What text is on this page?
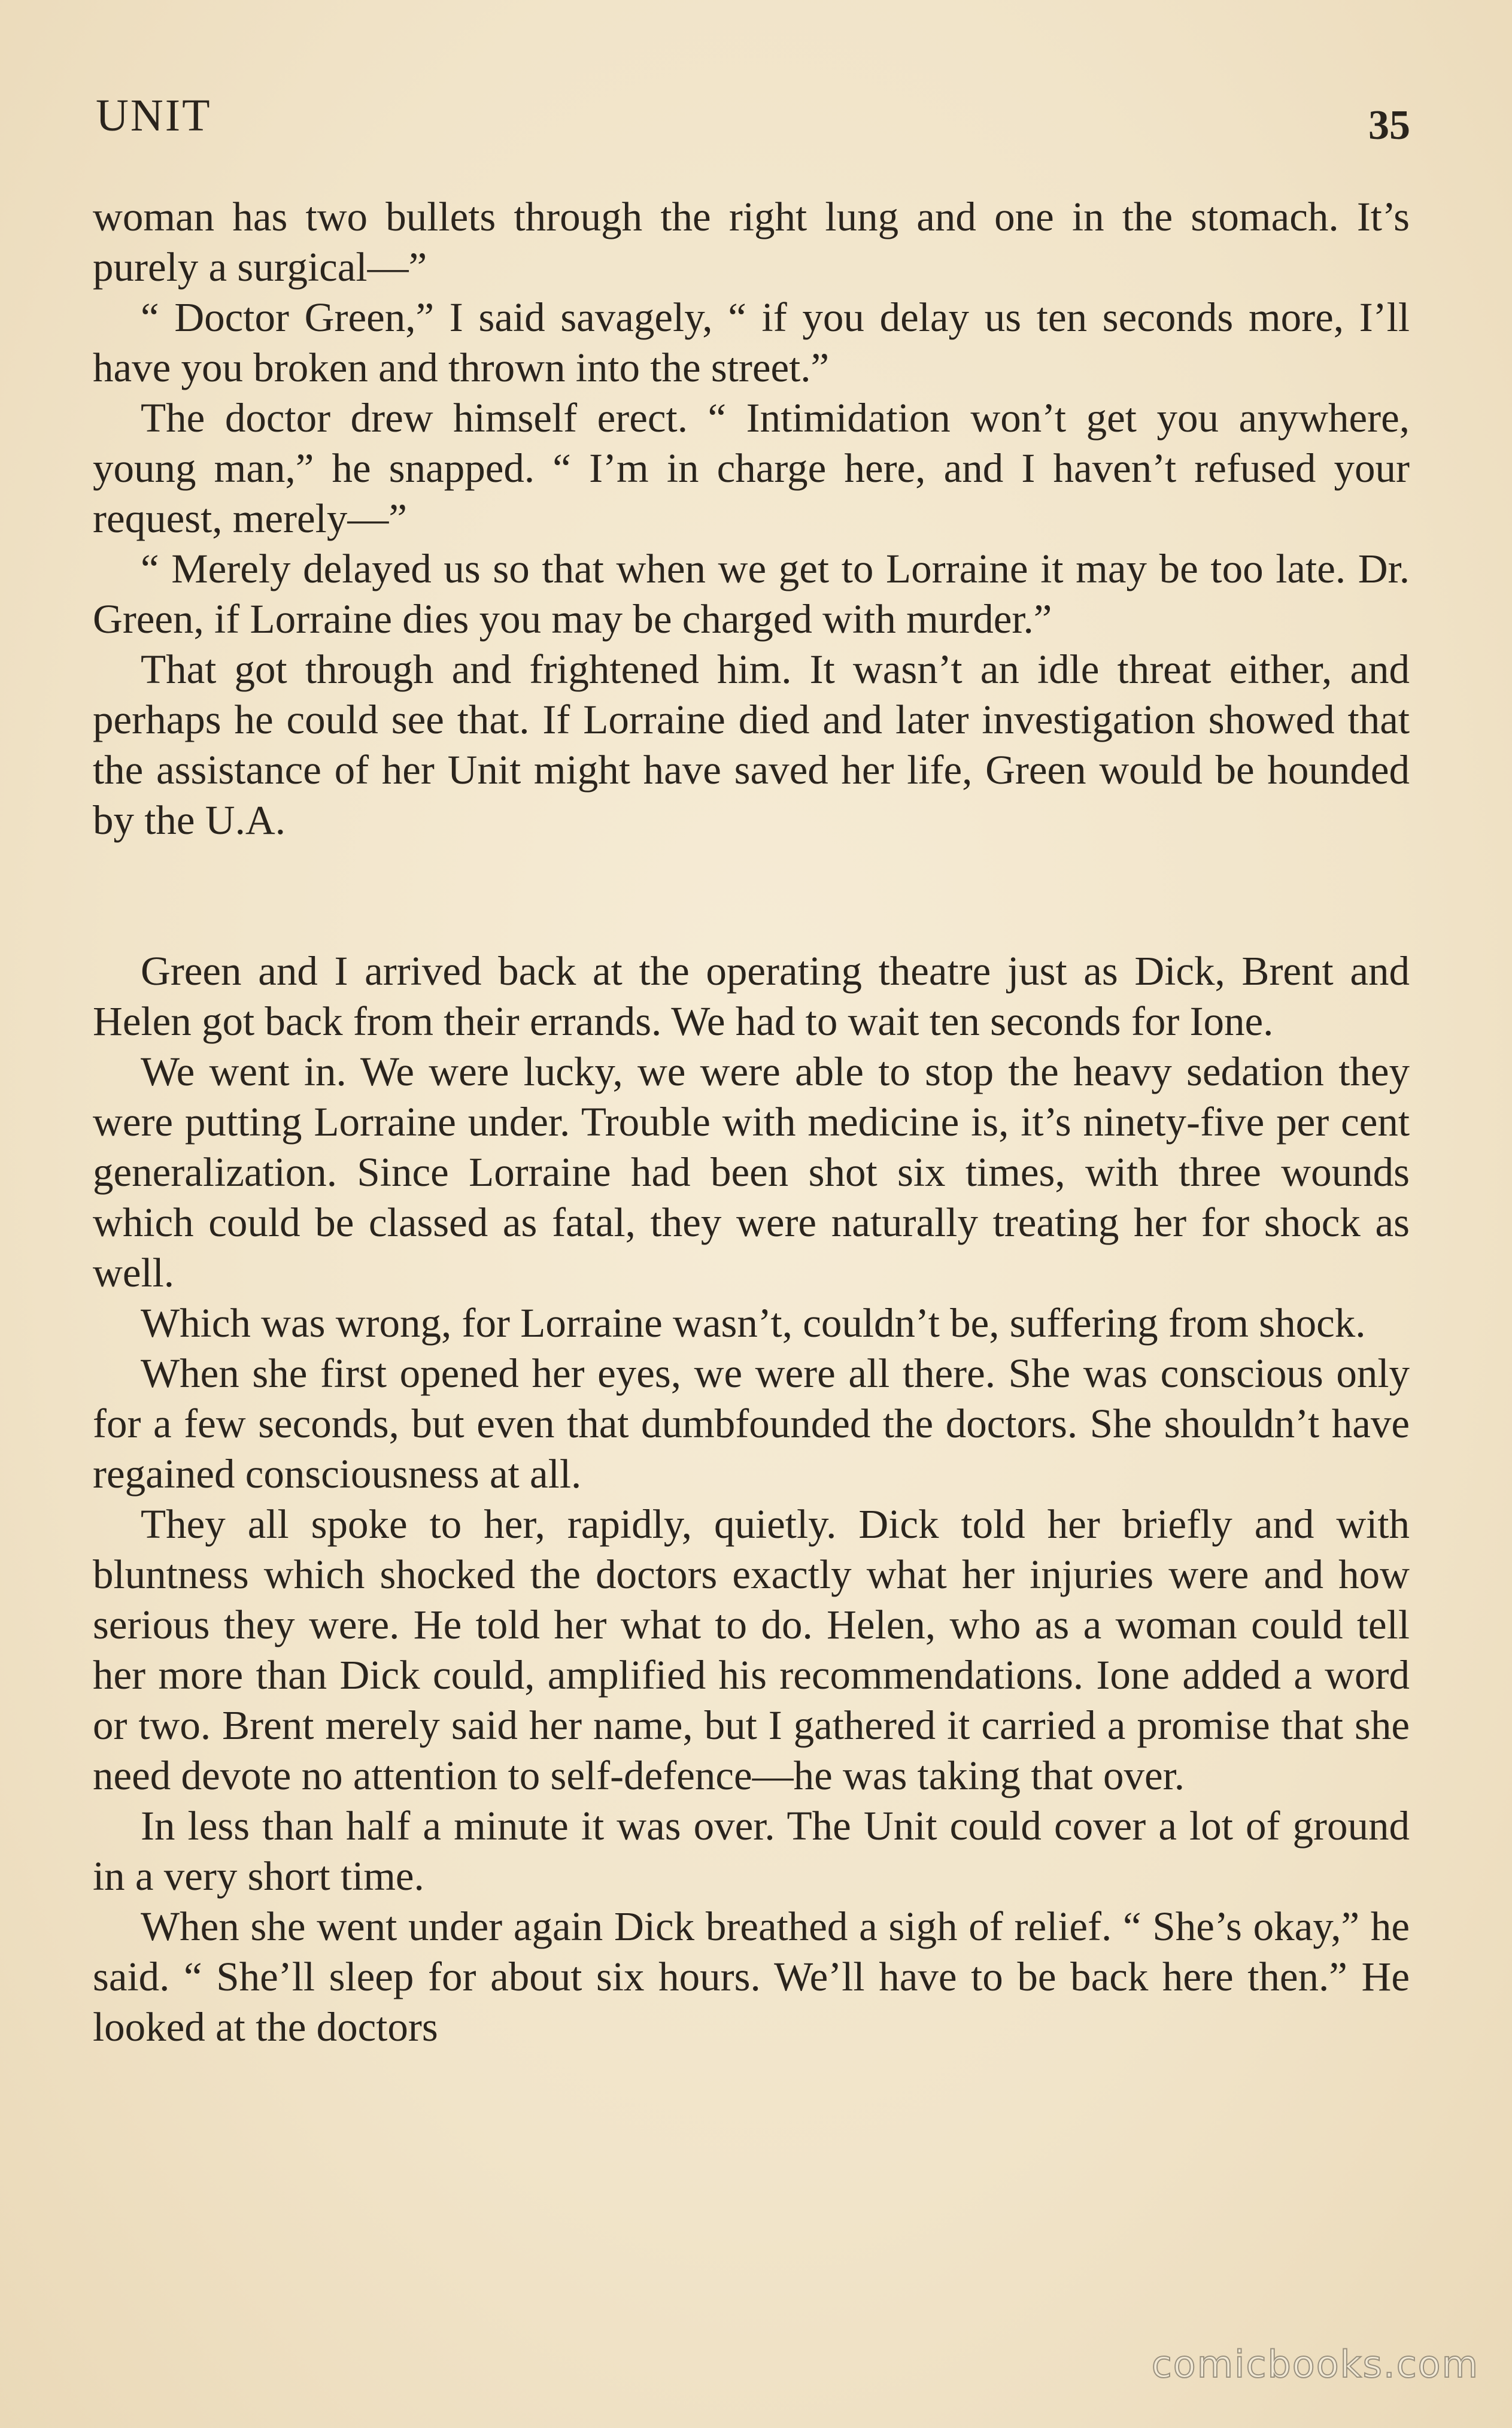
UNIT	35

woman has two bullets through the right lung and one in the stomach. It’s purely a surgical—”

“ Doctor Green,” I said savagely, “ if you delay us ten seconds more, I’ll have you broken and thrown into the street.”

The doctor drew himself erect. “ Intimidation won’t get you anywhere, young man,” he snapped. “ I’m in charge here, and I haven’t refused your request, merely—”

“ Merely delayed us so that when we get to Lorraine it may be too late. Dr. Green, if Lorraine dies you may be charged with murder.”

That got through and frightened him. It wasn’t an idle threat either, and perhaps he could see that. If Lorraine died and later investigation showed that the assistance of her Unit might have saved her life, Green would be hounded by the U.A.

Green and I arrived back at the operating theatre just as Dick, Brent and Helen got back from their errands. We had to wait ten seconds for Ione.

We went in. We were lucky, we were able to stop the heavy sedation they were putting Lorraine under. Trouble with medicine is, it’s ninety-five per cent generalization. Since Lorraine had been shot six times, with three wounds which could be classed as fatal, they were naturally treating her for shock as well.

Which was wrong, for Lorraine wasn’t, couldn’t be, suffering from shock.

When she first opened her eyes, we were all there. She was conscious only for a few seconds, but even that dumbfounded the doctors. She shouldn’t have regained consciousness at all.

They all spoke to her, rapidly, quietly. Dick told her briefly and with bluntness which shocked the doctors exactly what her injuries were and how serious they were. He told her what to do. Helen, who as a woman could tell her more than Dick could, amplified his recommendations. Ione added a word or two. Brent merely said her name, but I gathered it carried a promise that she need devote no attention to self-defence—he was taking that over.

In less than half a minute it was over. The Unit could cover a lot of ground in a very short time.

When she went under again Dick breathed a sigh of relief. “ She’s okay,” he said. “ She’ll sleep for about six hours. We’ll have to be back here then.” He looked at the doctors

comicbooks.com
